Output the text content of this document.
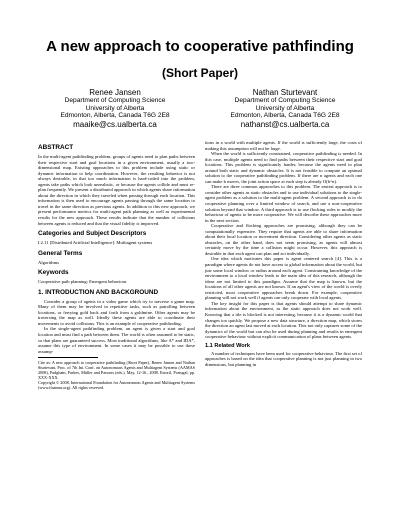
A new approach to cooperative pathfinding
(Short Paper)
Renee Jansen
Department of Computing Science
University of Alberta
Edmonton, Alberta, Canada T6G 2E8
maaike@cs.ualberta.ca
Nathan Sturtevant
Department of Computing Science
University of Alberta
Edmonton, Alberta, Canada T6G 2E8
nathanst@cs.ualberta.ca
ABSTRACT

In the multi-agent pathfinding problem, groups of agents need to plan paths between their respective start and goal locations in a given environment, usually a two-dimensional map. Existing approaches to this problem include using static or dynamic information to help coordination. However, the resulting behavior is not always desirable, in that too much information is hard-coded into the problem, agents take paths which look unrealistic, or because the agents collide and must re-plan frequently. We present a distributed approach in which agents share information about the direction in which they traveled when passing through each location. This information is then used to encourage agents passing through the same location to travel in the same direction as previous agents. In addition to this new approach, we present performance metrics for multi-agent path planning as well as experimental results for the new approach. These results indicate that the number of collisions between agents is reduced and that the visual fidelity is improved.

Categories and Subject Descriptors

I.2.11 [Distributed Artificial Intelligence]: Multiagent systems

General Terms

Algorithms

Keywords

Cooperative path planning; Emergent behaviour

1. INTRODUCTION AND BACKGROUND

Consider a group of agents in a video game which try to traverse a game map. Many of them may be involved in repetitive tasks, such as patrolling between locations, or ferrying gold back and forth from a goldmine. Other agents may be traversing the map as well. Ideally these agents are able to coordinate their movements to avoid collisions. This is an example of cooperative pathfinding.

In the single-agent pathfinding problem, an agent is given a start and goal location and must find a path between them. The world is often assumed to be static, so that plans are guaranteed success. Most traditional algorithms, like A* and IDA*, assume this type of environment. In some cases it may be possible to use these assump-

Cite as: A new approach to cooperative pathfinding (Short Paper), Renee Jansen and Nathan Sturtevant, Proc. of 7th Int. Conf. on Autonomous Agents and Multiagent Systems (AAMAS 2008), Padgham, Parkes, Müller and Parsons (eds.), May, 12-16., 2008, Estoril, Portugal, pp. XXX-XXX.

Copyright © 2008, International Foundation for Autonomous Agents and Multiagent Systems (www.ifaamas.org). All rights reserved.

tions in a world with multiple agents. If the world is sufficiently large, the costs of making this assumption will not be large.

When the world is sufficiently constrained, cooperative pathfinding is needed. In this case, multiple agents need to find paths between their respective start and goal locations. This problem is significantly harder, because the agents need to plan around both static and dynamic obstacles. It is not feasible to compute an optimal solution to the cooperative pathfinding problem. If there are n agents and each one can make b moves, the joint action space at each step is already O(b^n).

There are three common approaches to this problem. The easiest approach is to consider other agents as static obstacles and to use individual solutions to the single-agent problem as a solution to the multi-agent problem. A second approach is to do cooperative planning over a limited window of search, and use a non-cooperative solution beyond that window. A third approach is to use flocking rules to modify the behaviour of agents to be more cooperative. We will describe these approaches more in the next section.

Cooperative and flocking approaches are promising, although they can be computationally expensive. They require that agents are able to share information about their local location or movement direction. Considering other agents as static obstacles, on the other hand, does not seem promising, as agents will almost certainly move by the time a collision might occur. However, this approach is desirable in that each agent can plan and act individually.

One idea which motivates this paper is agent centered search [4]. This is a paradigm where agents do not have access to global information about the world, but just some local window or radius around each agent. Constraining knowledge of the environment to a local window leads to the main idea of this research, although the ideas are not limited to this paradigm. Assume that the map is known, but the locations of all other agents are not known. If an agent's view of the world is overly restricted, most cooperative approaches break down. For example, cooperative planning will not work well if agents can only cooperate with local agents.

The key insight for this paper is that agents should attempt to share dynamic information about the environment, as the static approach does not work well. Knowing that a tile is blocked is not interesting, because it is a dynamic world that changes too quickly. We propose a new data structure, a direction map, which stores the direction an agent last moved at each location. This not only captures some of the dynamics of the world but can also be used during planning and results in emergent cooperative behaviour without explicit communication of plans between agents.

1.1 Related Work

A number of techniques have been used for cooperative behaviour. The first set of approaches is based on the idea that cooperative planning is not just planning in two dimensions, but planning in
